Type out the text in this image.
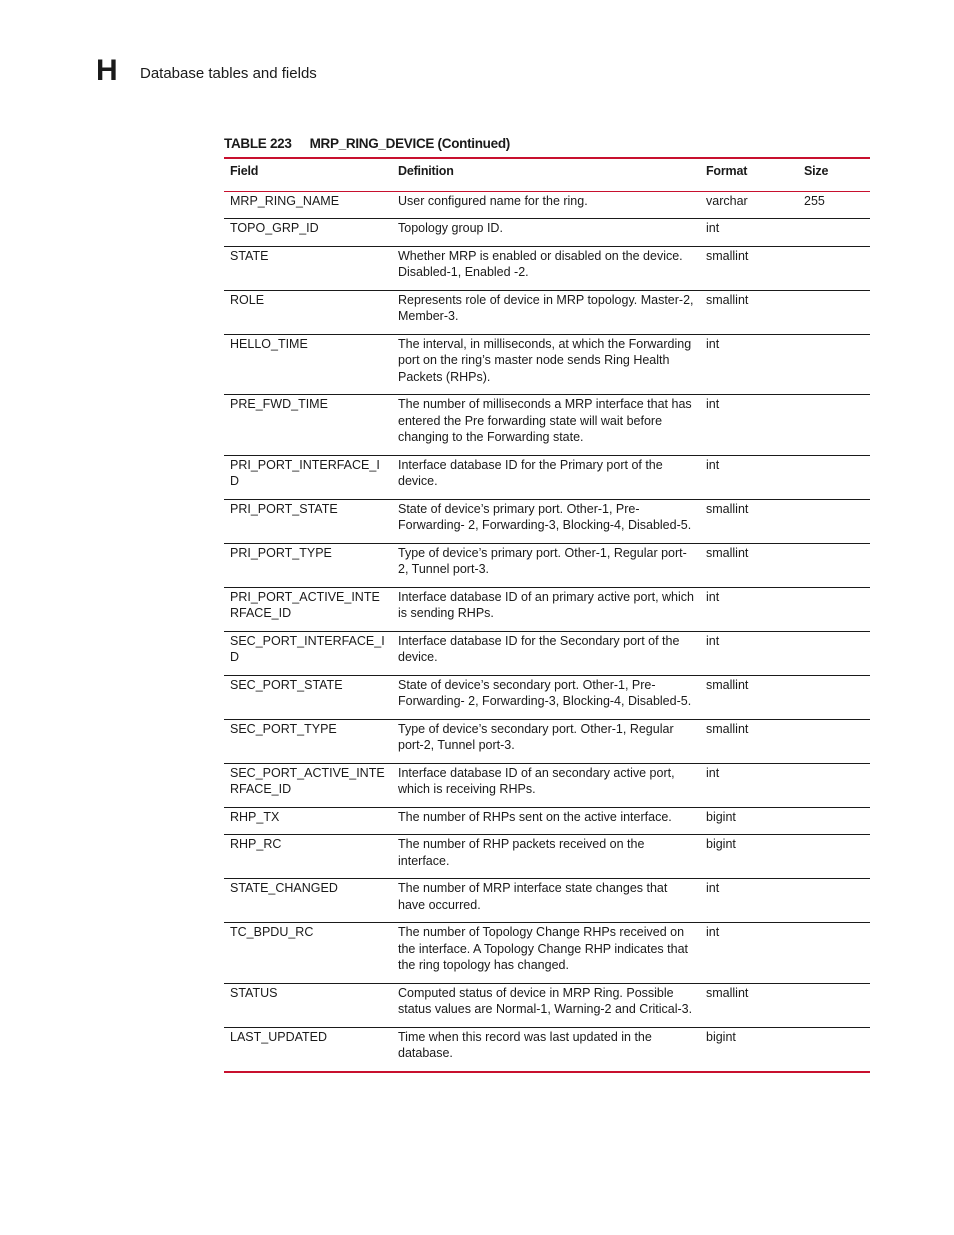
H Database tables and fields
TABLE 223 MRP_RING_DEVICE (Continued)
Field	Definition	Format	Size
MRP_RING_NAME	User configured name for the ring.	varchar	255
TOPO_GRP_ID	Topology group ID.	int	
STATE	Whether MRP is enabled or disabled on the device. Disabled-1, Enabled -2.	smallint	
ROLE	Represents role of device in MRP topology. Master-2, Member-3.	smallint	
HELLO_TIME	The interval, in milliseconds, at which the Forwarding port on the ring’s master node sends Ring Health Packets (RHPs).	int	
PRE_FWD_TIME	The number of milliseconds a MRP interface that has entered the Pre forwarding state will wait before changing to the Forwarding state.	int	
PRI_PORT_INTERFACE_ID	Interface database ID for the Primary port of the device.	int	
PRI_PORT_STATE	State of device’s primary port. Other-1, Pre-Forwarding- 2, Forwarding-3, Blocking-4, Disabled-5.	smallint	
PRI_PORT_TYPE	Type of device’s primary port. Other-1, Regular port-2, Tunnel port-3.	smallint	
PRI_PORT_ACTIVE_INTERFACE_ID	Interface database ID of an primary active port, which is sending RHPs.	int	
SEC_PORT_INTERFACE_ID	Interface database ID for the Secondary port of the device.	int	
SEC_PORT_STATE	State of device’s secondary port. Other-1, Pre-Forwarding- 2, Forwarding-3, Blocking-4, Disabled-5.	smallint	
SEC_PORT_TYPE	Type of device’s secondary port. Other-1, Regular port-2, Tunnel port-3.	smallint	
SEC_PORT_ACTIVE_INTERFACE_ID	Interface database ID of an secondary active port, which is receiving RHPs.	int	
RHP_TX	The number of RHPs sent on the active interface.	bigint	
RHP_RC	The number of RHP packets received on the interface.	bigint	
STATE_CHANGED	The number of MRP interface state changes that have occurred.	int	
TC_BPDU_RC	The number of Topology Change RHPs received on the interface. A Topology Change RHP indicates that the ring topology has changed.	int	
STATUS	Computed status of device in MRP Ring. Possible status values are Normal-1, Warning-2 and Critical-3.	smallint	
LAST_UPDATED	Time when this record was last updated in the database.	bigint	
